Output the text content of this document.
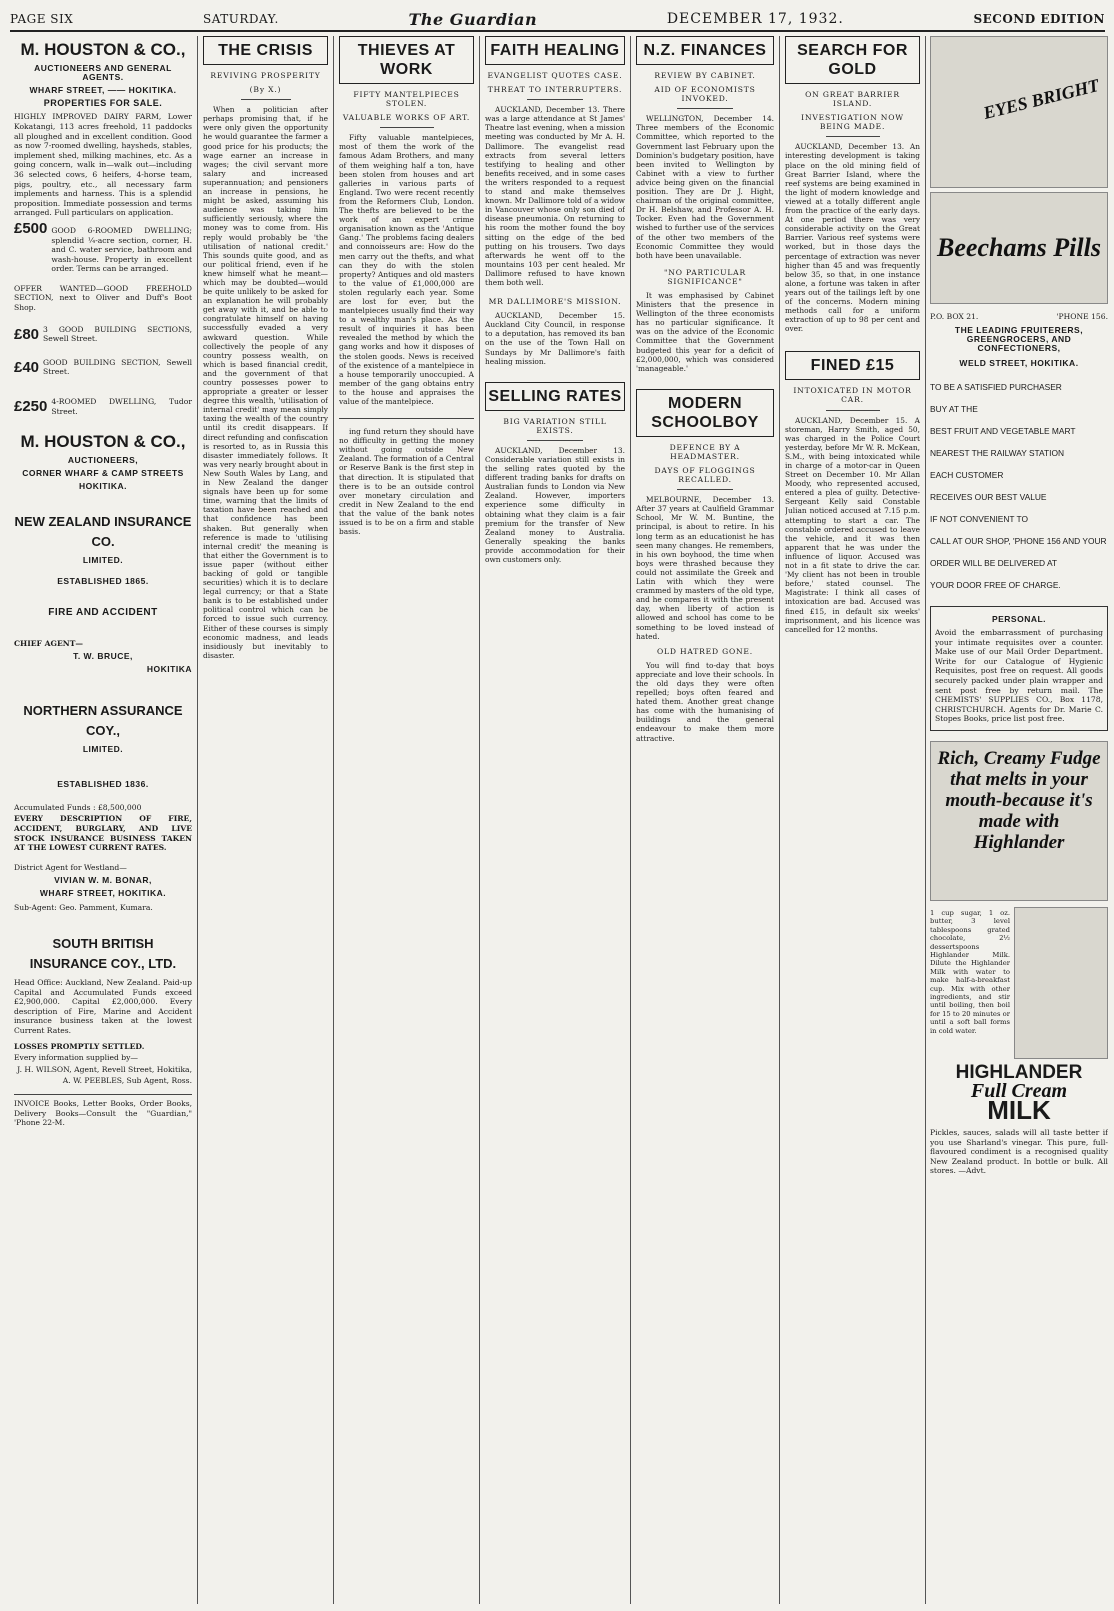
PAGE SIX	SATURDAY.	The Guardian	DECEMBER 17, 1932.	SECOND EDITION
M. HOUSTON & CO.,
AUCTIONEERS AND GENERAL AGENTS.
WHARF STREET, —— HOKITIKA.
PROPERTIES FOR SALE.

HIGHLY IMPROVED DAIRY FARM, Lower Kokatangi, 113 acres freehold, 11 paddocks all ploughed and in excellent condition. Good as now 7-roomed dwelling, haysheds, stables, implement shed, milking machines, etc. As a going concern, walk in—walk out—including 36 selected cows, 6 heifers, 4-horse team, pigs, poultry, etc., all necessary farm implements and harness. This is a splendid proposition. Immediate possession and terms arranged. Full particulars on application.

£500 GOOD 6-ROOMED DWELLING; splendid ¼-acre section, corner, H. and C. water service, bathroom and wash-house. Property in excellent order. Terms can be arranged.

OFFER WANTED—GOOD FREEHOLD SECTION, next to Oliver and Duff's Boot Shop.

£80 3 GOOD BUILDING SECTIONS, Sewell Street.
£40 GOOD BUILDING SECTION, Sewell Street.
£250 4-ROOMED DWELLING, Tudor Street.
M. HOUSTON & CO.,
AUCTIONEERS,
CORNER WHARF & CAMP STREETS
HOKITIKA.
NEW ZEALAND INSURANCE CO.
LIMITED.
ESTABLISHED 1865.
FIRE AND ACCIDENT
CHIEF AGENT—
T. W. BRUCE,
HOKITIKA
NORTHERN ASSURANCE COY.,
LIMITED.
ESTABLISHED 1836.
Accumulated Funds : £8,500,000

EVERY DESCRIPTION OF FIRE, ACCIDENT, BURGLARY, AND LIVE STOCK INSURANCE BUSINESS TAKEN AT THE LOWEST CURRENT RATES.

District Agent for Westland—
VIVIAN W. M. BONAR,
WHARF STREET, HOKITIKA.
Sub-Agent: Geo. Pamment, Kumara.
SOUTH BRITISH INSURANCE COY., LTD.

Head Office: Auckland, New Zealand. Paid-up Capital and Accumulated Funds exceed £2,900,000. Capital £2,000,000. Every description of Fire, Marine and Accident insurance business taken at the lowest Current Rates.

LOSSES PROMPTLY SETTLED.
Every information supplied by—
J. H. WILSON, Agent, Revell Street, Hokitika,
A. W. PEEBLES, Sub Agent, Ross.

INVOICE Books, Letter Books, Order Books, Delivery Books—Consult the "Guardian," 'Phone 22-M.

THE CRISIS
REVIVING PROSPERITY
(By X.)

When a politician after perhaps promising that, if he were only given the opportunity he would guarantee the farmer a good price for his products; the wage earner an increase in wages; the civil servant more salary and increased superannuation; and pensioners an increase in pensions, he might be asked, assuming his audience was taking him sufficiently seriously, where the money was to come from. His reply would probably be 'the utilisation of national credit.' This sounds quite good, and as our political friend, even if he knew himself what he meant—which may be doubted—would be quite unlikely to be asked for an explanation he will probably get away with it, and be able to congratulate himself on having successfully evaded a very awkward question. While collectively the people of any country possess wealth, on which is based financial credit, and the government of that country possesses power to appropriate a greater or lesser degree this wealth, 'utilisation of internal credit' may mean simply taxing the wealth of the country until its credit disappears. If direct refunding and confiscation is resorted to, as in Russia this disaster immediately follows. It was very nearly brought about in New South Wales by Lang, and in New Zealand the danger signals have been up for some time, warning that the limits of taxation have been reached and that confidence has been shaken. But generally when reference is made to 'utilising internal credit' the meaning is that either the Government is to issue paper (without either backing of gold or tangible securities) which it is to declare legal currency; or that a State bank is to be established under political control which can be forced to issue such currency. Either of these courses is simply economic madness, and leads insidiously but inevitably to disaster.

THIEVES AT WORK
FIFTY MANTELPIECES STOLEN.
VALUABLE WORKS OF ART.

Fifty valuable mantelpieces, most of them the work of the famous Adam Brothers, and many of them weighing half a ton, have been stolen from houses and art galleries in various parts of England. Two were recent recently from the Reformers Club, London. The thefts are believed to be the work of an expert crime organisation known as the 'Antique Gang.' The problems facing dealers and connoisseurs are: How do the men carry out the thefts, and what can they do with the stolen property? Antiques and old masters to the value of £1,000,000 are stolen regularly each year. Some are lost for ever, but the mantelpieces usually find their way to a wealthy man's place. As the result of inquiries it has been revealed the method by which the gang works and how it disposes of the stolen goods. News is received of the existence of a mantelpiece in a house temporarily unoccupied. A member of the gang obtains entry to the house and appraises the value of the mantelpiece.

ing fund return they should have no difficulty in getting the money without going outside New Zealand. The formation of a Central or Reserve Bank is the first step in that direction. It is stipulated that there is to be an outside control over monetary circulation and credit in New Zealand to the end that the value of the bank notes issued is to be on a firm and stable basis.

FAITH HEALING
EVANGELIST QUOTES CASE.
THREAT TO INTERRUPTERS.

AUCKLAND, December 13. There was a large attendance at St James' Theatre last evening, when a mission meeting was conducted by Mr A. H. Dallimore. The evangelist read extracts from several letters testifying to healing and other benefits received, and in some cases the writers responded to a request to stand and make themselves known. Mr Dallimore told of a widow in Vancouver whose only son died of disease pneumonia. On returning to his room the mother found the boy sitting on the edge of the bed putting on his trousers. Two days afterwards he went off to the mountains 103 per cent healed. Mr Dallimore refused to have known them both well.

MR DALLIMORE'S MISSION.

AUCKLAND, December 15. Auckland City Council, in response to a deputation, has removed its ban on the use of the Town Hall on Sundays by Mr Dallimore's faith healing mission.

SELLING RATES
BIG VARIATION STILL EXISTS.

AUCKLAND, December 13. Considerable variation still exists in the selling rates quoted by the different trading banks for drafts on Australian funds to London via New Zealand. However, importers experience some difficulty in obtaining what they claim is a fair premium for the transfer of New Zealand money to Australia. Generally speaking the banks provide accommodation for their own customers only.

N.Z. FINANCES
REVIEW BY CABINET.
AID OF ECONOMISTS INVOKED.

WELLINGTON, December 14. Three members of the Economic Committee, which reported to the Government last February upon the Dominion's budgetary position, have been invited to Wellington by Cabinet with a view to further advice being given on the financial position. They are Dr J. Hight, chairman of the original committee, Dr H. Belshaw, and Professor A. H. Tocker. Even had the Government wished to further use of the services of the other two members of the Economic Committee they would both have been unavailable.

"NO PARTICULAR SIGNIFICANCE"

It was emphasised by Cabinet Ministers that the presence in Wellington of the three economists has no particular significance. It was on the advice of the Economic Committee that the Government budgeted this year for a deficit of £2,000,000, which was considered 'manageable.'

MODERN SCHOOLBOY
DEFENCE BY A HEADMASTER.
DAYS OF FLOGGINGS RECALLED.

MELBOURNE, December 13. After 37 years at Caulfield Grammar School, Mr W. M. Buntine, the principal, is about to retire. In his long term as an educationist he has seen many changes. He remembers, in his own boyhood, the time when boys were thrashed because they could not assimilate the Greek and Latin with which they were crammed by masters of the old type, and he compares it with the present day, when liberty of action is allowed and school has come to be something to be loved instead of hated.

OLD HATRED GONE.

You will find to-day that boys appreciate and love their schools. In the old days they were often repelled; boys often feared and hated them. Another great change has come with the humanising of buildings and the general endeavour to make them more attractive.

SEARCH FOR GOLD
ON GREAT BARRIER ISLAND.
INVESTIGATION NOW BEING MADE.

AUCKLAND, December 13. An interesting development is taking place on the old mining field of Great Barrier Island, where the reef systems are being examined in the light of modern knowledge and viewed at a totally different angle from the practice of the early days. At one period there was very considerable activity on the Great Barrier. Various reef systems were worked, but in those days the percentage of extraction was never higher than 45 and was frequently below 35, so that, in one instance alone, a fortune was taken in after years out of the tailings left by one of the concerns. Modern mining methods call for a uniform extraction of up to 98 per cent and over.

FINED £15
INTOXICATED IN MOTOR CAR.

AUCKLAND, December 15. A storeman, Harry Smith, aged 50, was charged in the Police Court yesterday, before Mr W. R. McKean, S.M., with being intoxicated while in charge of a motor-car in Queen Street on December 10. Mr Allan Moody, who represented accused, entered a plea of guilty. Detective-Sergeant Kelly said Constable Julian noticed accused at 7.15 p.m. attempting to start a car. The constable ordered accused to leave the vehicle, and it was then apparent that he was under the influence of liquor. Accused was not in a fit state to drive the car. 'My client has not been in trouble before,' stated counsel. The Magistrate: I think all cases of intoxication are bad. Accused was fined £15, in default six weeks' imprisonment, and his licence was cancelled for 12 months.

EYES BRIGHT
Beechams Pills
P.O. BOX 21.	'PHONE 156.
THE LEADING FRUITERERS, GREENGROCERS, AND CONFECTIONERS,
WELD STREET, HOKITIKA.
TO BE A SATISFIED PURCHASER
BUY AT THE
BEST FRUIT AND VEGETABLE MART
NEAREST THE RAILWAY STATION
EACH CUSTOMER
RECEIVES OUR BEST VALUE
IF NOT CONVENIENT TO
CALL AT OUR SHOP, 'PHONE 156 AND YOUR
ORDER WILL BE DELIVERED AT
YOUR DOOR FREE OF CHARGE.
PERSONAL.

Avoid the embarrassment of purchasing your intimate requisites over a counter. Make use of our Mail Order Department. Write for our Catalogue of Hygienic Requisites, post free on request. All goods securely packed under plain wrapper and sent post free by return mail. The CHEMISTS' SUPPLIES CO., Box 1178, CHRISTCHURCH. Agents for Dr. Marie C. Stopes Books, price list post free.

Rich, Creamy Fudge that melts in your mouth-because it's made with Highlander

1 cup sugar, 1 oz. butter, 3 level tablespoons grated chocolate, 2½ dessertspoons Highlander Milk. Dilute the Highlander Milk with water to make half-a-breakfast cup. Mix with other ingredients, and stir until boiling, then boil for 15 to 20 minutes or until a soft ball forms in cold water.

HIGHLANDER
Full Cream
MILK

Pickles, sauces, salads will all taste better if you use Sharland's vinegar. This pure, full-flavoured condiment is a recognised quality New Zealand product. In bottle or bulk. All stores. —Advt.
